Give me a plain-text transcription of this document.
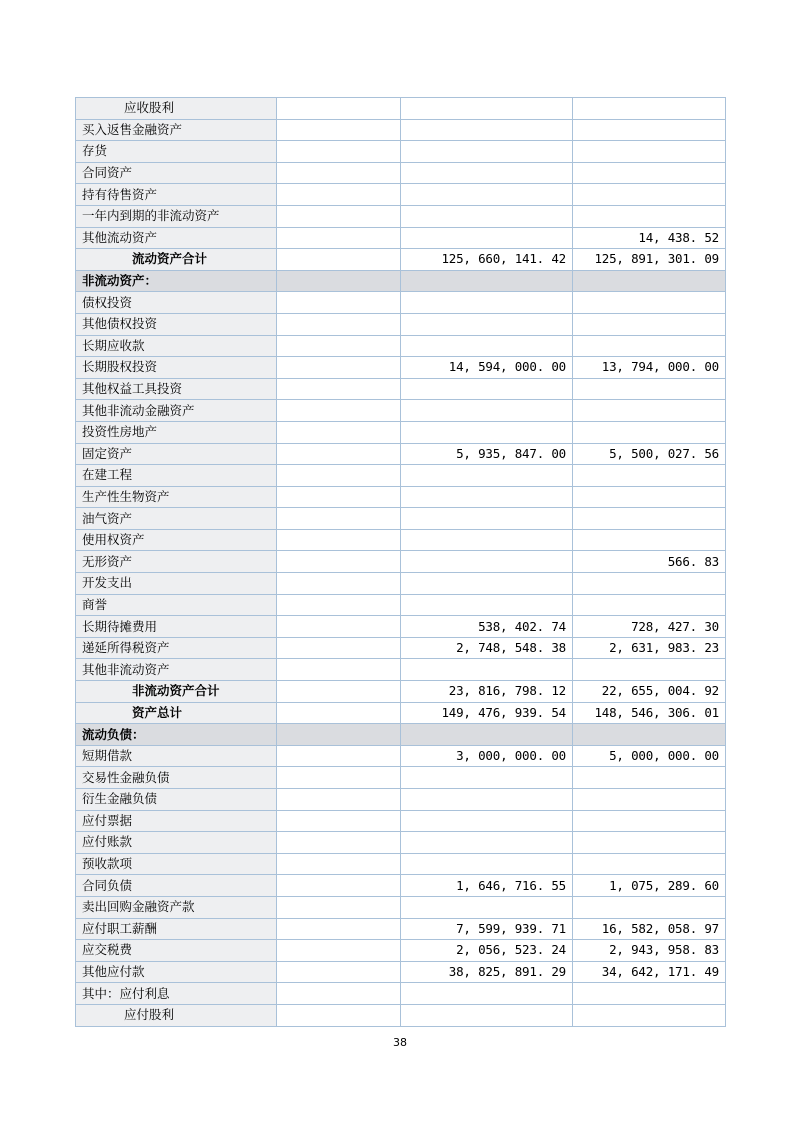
应收股利			
买入返售金融资产			
存货			
合同资产			
持有待售资产			
一年内到期的非流动资产			
其他流动资产			14, 438. 52
流动资产合计		125, 660, 141. 42	125, 891, 301. 09
非流动资产：			
债权投资			
其他债权投资			
长期应收款			
长期股权投资		14, 594, 000. 00	13, 794, 000. 00
其他权益工具投资			
其他非流动金融资产			
投资性房地产			
固定资产		5, 935, 847. 00	5, 500, 027. 56
在建工程			
生产性生物资产			
油气资产			
使用权资产			
无形资产			566. 83
开发支出			
商誉			
长期待摊费用		538, 402. 74	728, 427. 30
递延所得税资产		2, 748, 548. 38	2, 631, 983. 23
其他非流动资产			
非流动资产合计		23, 816, 798. 12	22, 655, 004. 92
资产总计		149, 476, 939. 54	148, 546, 306. 01
流动负债：			
短期借款		3, 000, 000. 00	5, 000, 000. 00
交易性金融负债			
衍生金融负债			
应付票据			
应付账款			
预收款项			
合同负债		1, 646, 716. 55	1, 075, 289. 60
卖出回购金融资产款			
应付职工薪酬		7, 599, 939. 71	16, 582, 058. 97
应交税费		2, 056, 523. 24	2, 943, 958. 83
其他应付款		38, 825, 891. 29	34, 642, 171. 49
其中：应付利息			
应付股利			
38
